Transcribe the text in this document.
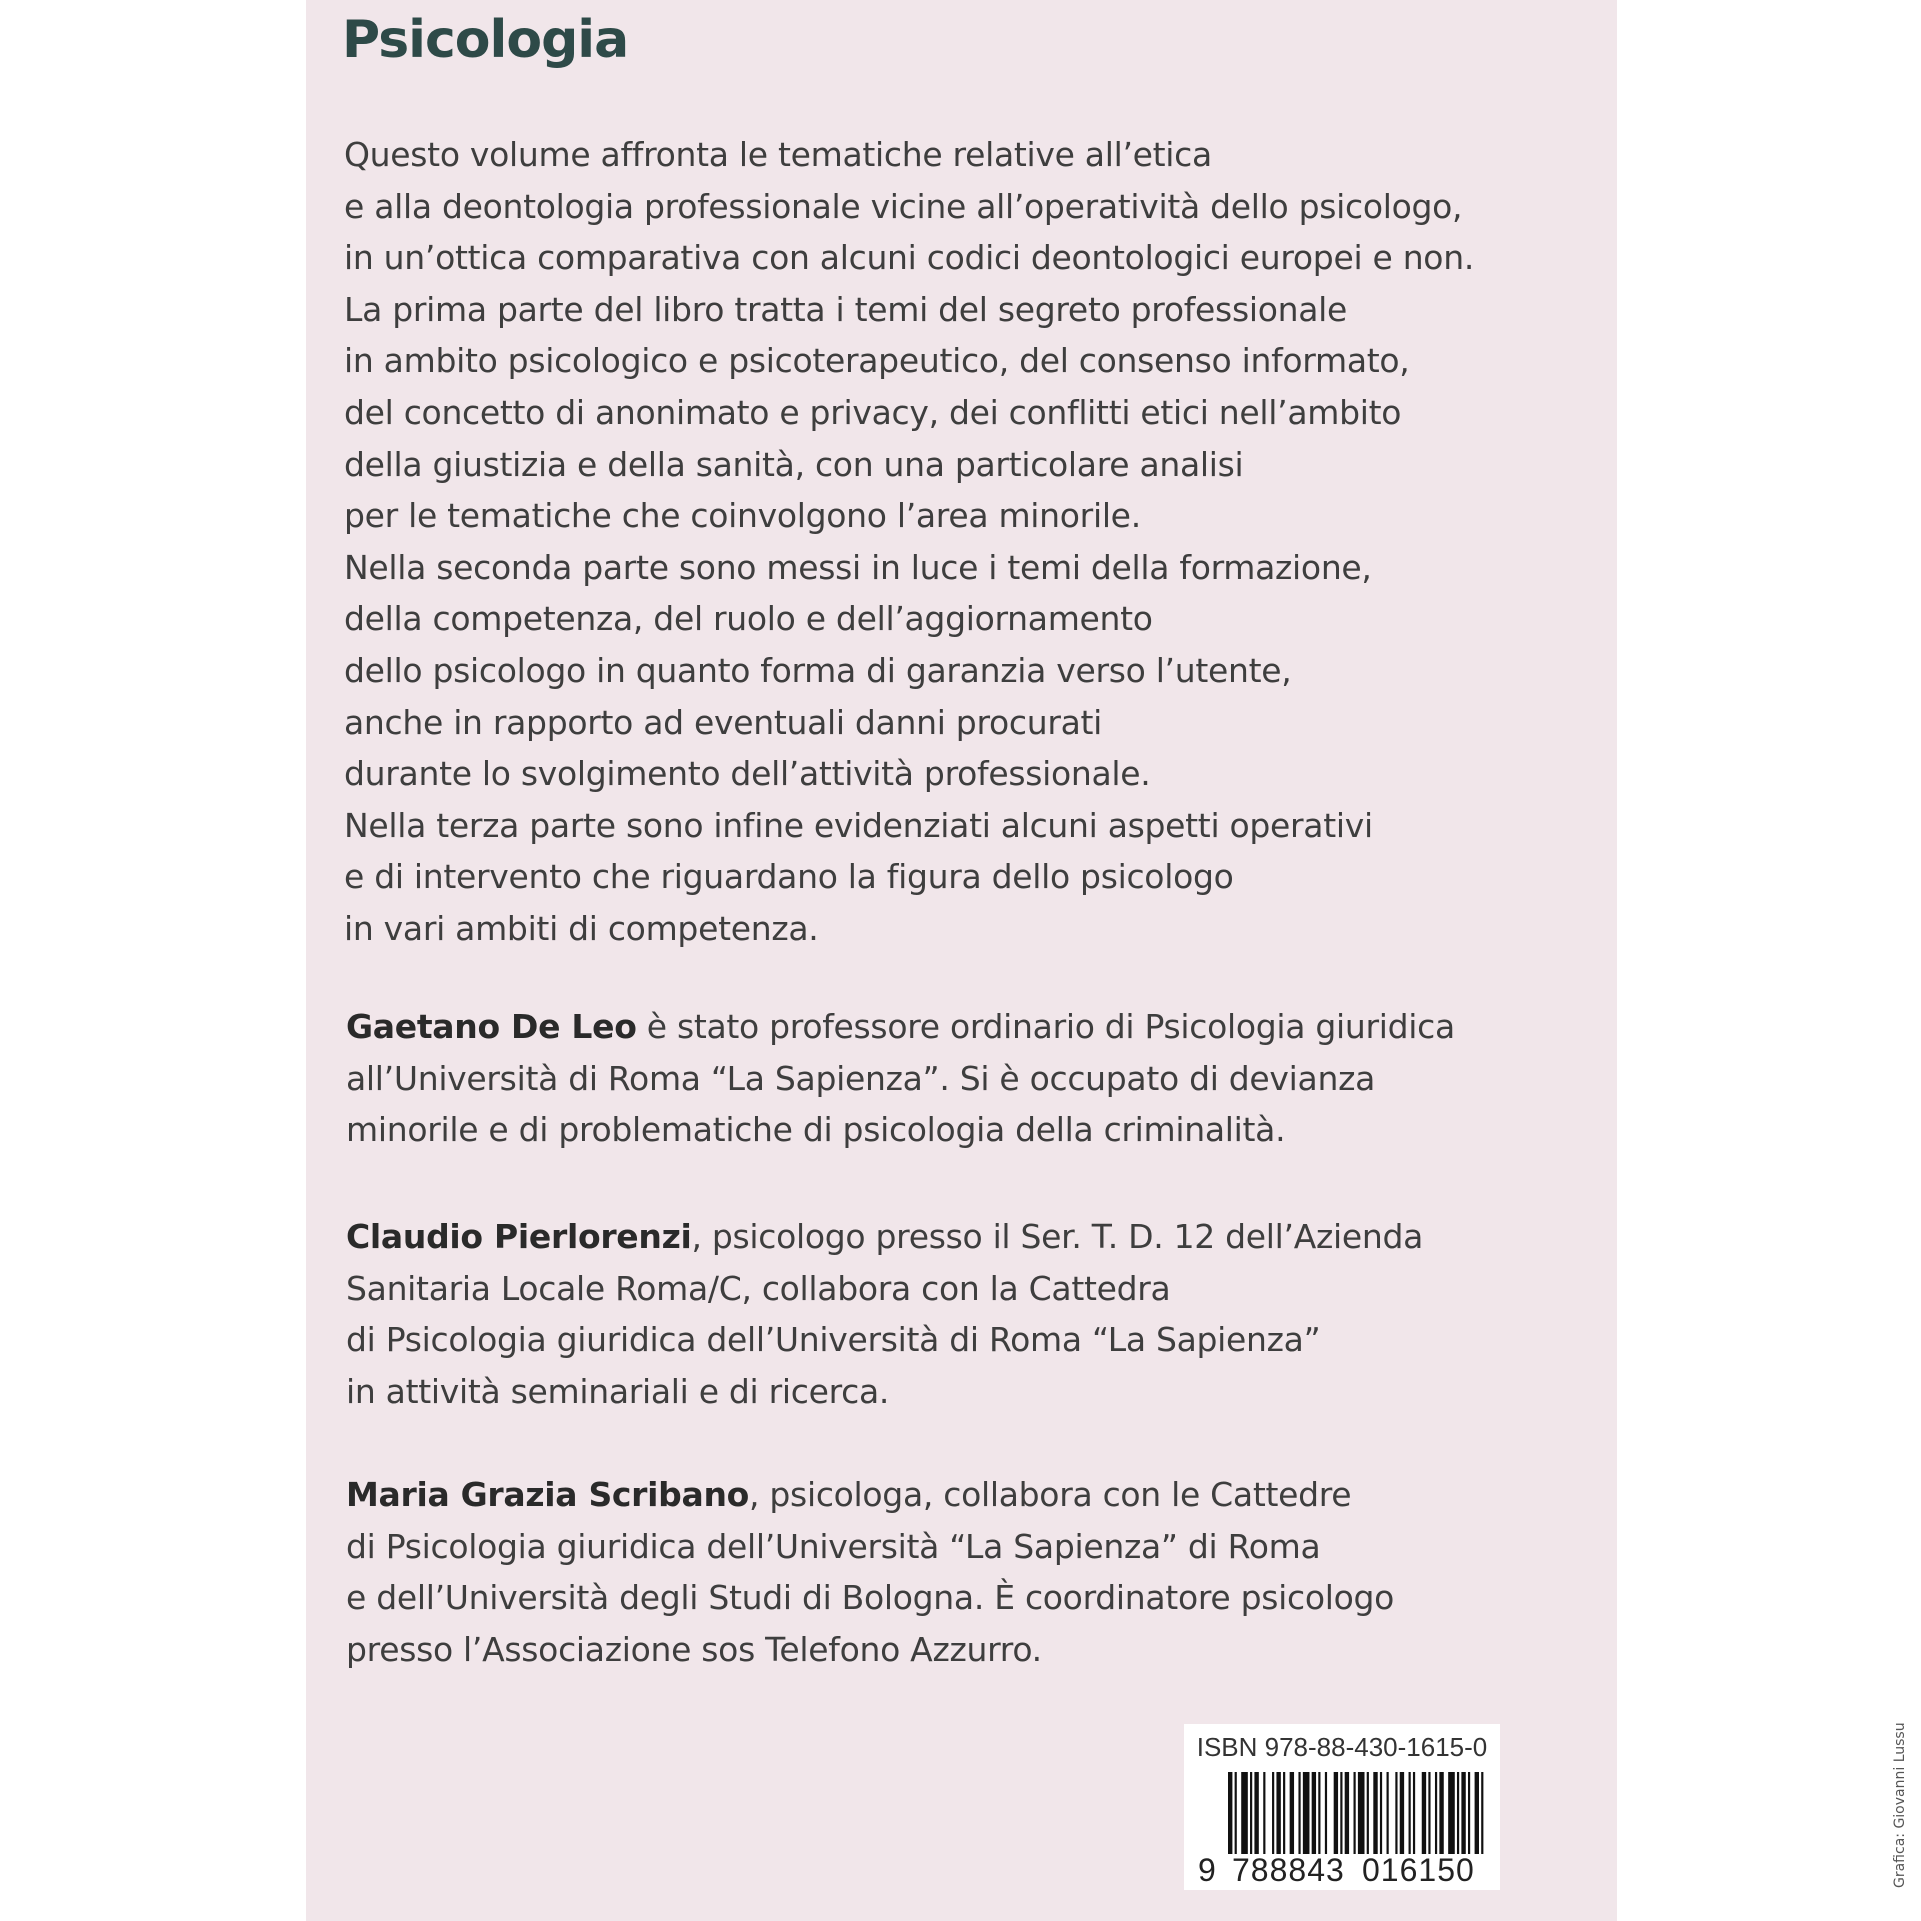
Psicologia
Questo volume affronta le tematiche relative all’etica
e alla deontologia professionale vicine all’operatività dello psicologo,
in un’ottica comparativa con alcuni codici deontologici europei e non.
La prima parte del libro tratta i temi del segreto professionale
in ambito psicologico e psicoterapeutico, del consenso informato,
del concetto di anonimato e privacy, dei conflitti etici nell’ambito
della giustizia e della sanità, con una particolare analisi
per le tematiche che coinvolgono l’area minorile.
Nella seconda parte sono messi in luce i temi della formazione,
della competenza, del ruolo e dell’aggiornamento
dello psicologo in quanto forma di garanzia verso l’utente,
anche in rapporto ad eventuali danni procurati
durante lo svolgimento dell’attività professionale.
Nella terza parte sono infine evidenziati alcuni aspetti operativi
e di intervento che riguardano la figura dello psicologo
in vari ambiti di competenza.
Gaetano De Leo è stato professore ordinario di Psicologia giuridica
all’Università di Roma “La Sapienza”. Si è occupato di devianza
minorile e di problematiche di psicologia della criminalità.
Claudio Pierlorenzi, psicologo presso il Ser. T. D. 12 dell’Azienda
Sanitaria Locale Roma/C, collabora con la Cattedra
di Psicologia giuridica dell’Università di Roma “La Sapienza”
in attività seminariali e di ricerca.
Maria Grazia Scribano, psicologa, collabora con le Cattedre
di Psicologia giuridica dell’Università “La Sapienza” di Roma
e dell’Università degli Studi di Bologna. È coordinatore psicologo
presso l’Associazione sos Telefono Azzurro.
ISBN 978-88-430-1615-0
9 788843 016150	Grafica: Giovanni Lussu
